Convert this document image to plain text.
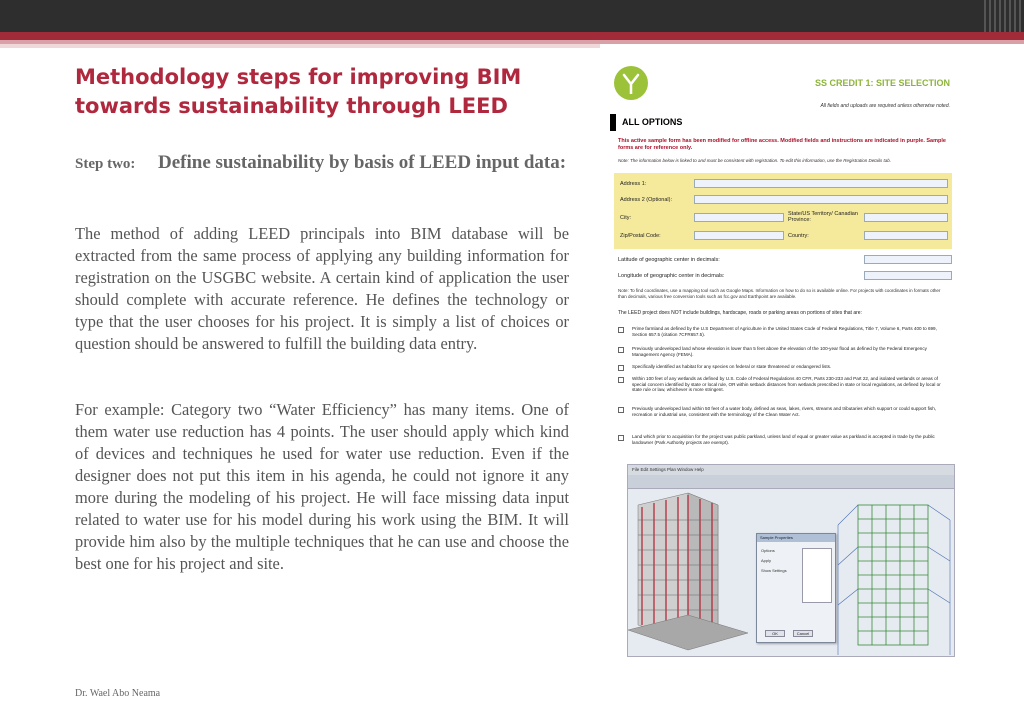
Methodology steps for improving BIM towards sustainability through LEED
Step two: Define sustainability by basis of LEED input data:

The method of adding LEED principals into BIM database will be extracted from the same process of applying any building information for registration on the USGBC website. A certain kind of application the user should complete with accurate reference. He defines the technology or type that the user chooses for his project. It is simply a list of choices or question should be answered to fulfill the building data entry.

For example: Category two “Water Efficiency” has many items. One of them water use reduction has 4 points. The user should apply which kind of devices and techniques he used for water use reduction. Even if the designer does not put this item in his agenda, he could not ignore it any more during the modeling of his project. He will face missing data input related to water use for his model during his work using the BIM. It will provide him also by the multiple techniques that he can use and choose the best one for his project and site.

Dr. Wael Abo Neama
SS CREDIT 1: SITE SELECTION
All fields and uploads are required unless otherwise noted.
ALL OPTIONS
This active sample form has been modified for offline access. Modified fields and instructions are indicated in purple. Sample forms are for reference only.
Note: The information below is linked to and must be consistent with registration. To edit this information, use the Registration Details tab.
Address 1:
Address 2 (Optional):
City:
State/US Territory/ Canadian Province:
Zip/Postal Code:	Country:
Latitude of geographic center in decimals:
Longitude of geographic center in decimals:
Note: To find coordinates, use a mapping tool such as Google Maps. Information on how to do so is available online. For projects with coordinates in formats other than decimals, various free conversion tools such as fcc.gov and Earthpoint are available.
The LEED project does NOT include buildings, hardscape, roads or parking areas on portions of sites that are:
Prime farmland as defined by the U.S Department of Agriculture in the United States Code of Federal Regulations, Title 7, Volume 6, Parts 400 to 699, Section 657.5 (citation 7CFR657.5).
Previously undeveloped land whose elevation is lower than 5 feet above the elevation of the 100-year flood as defined by the Federal Emergency Management Agency (FEMA).
Specifically identified as habitat for any species on federal or state threatened or endangered lists.
Within 100 feet of any wetlands as defined by U.S. Code of Federal Regulations 40 CFR, Parts 230-233 and Part 22, and isolated wetlands or areas of special concern identified by state or local rule, OR within setback distances from wetlands prescribed in state or local regulations, as defined by local or state rule or law, whichever is more stringent.
Previously undeveloped land within 50 feet of a water body, defined as seas, lakes, rivers, streams and tributaries which support or could support fish, recreation or industrial use, consistent with the terminology of the Clean Water Act.
Land which prior to acquisition for the project was public parkland, unless land of equal or greater value as parkland is accepted in trade by the public landowner (Park Authority projects are exempt).
File Edit Settings Plan Window Help
Sample Properties
Options
Apply
Show Settings
OK	Cancel
